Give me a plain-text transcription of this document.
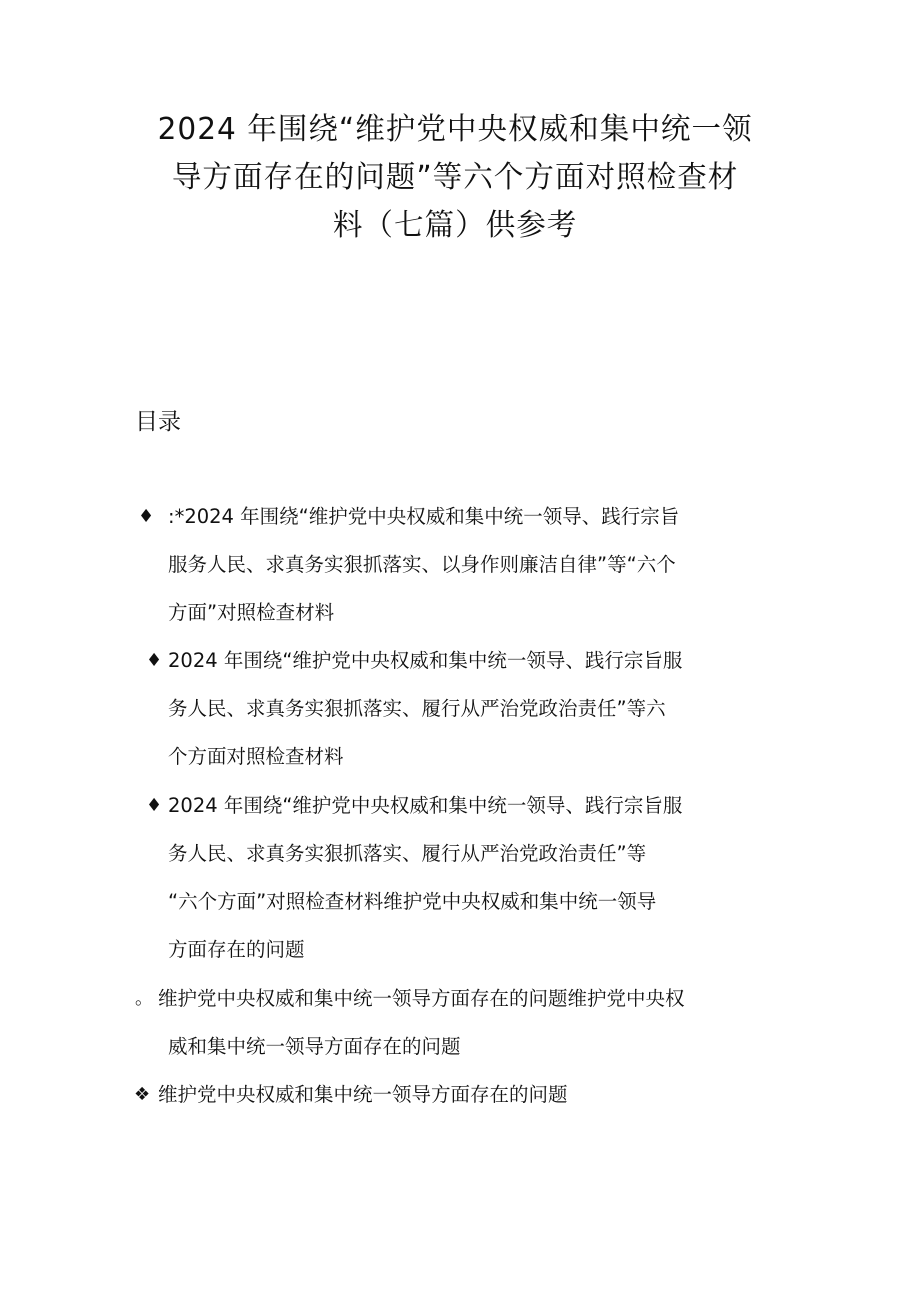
2024 年围绕“维护党中央权威和集中统一领
导方面存在的问题”等六个方面对照检查材
料（七篇）供参考
目录
♦ :*2024 年围绕“维护党中央权威和集中统一领导、践行宗旨
服务人民、求真务实狠抓落实、以身作则廉洁自律”等“六个
方面”对照检查材料
♦ 2024 年围绕“维护党中央权威和集中统一领导、践行宗旨服
务人民、求真务实狠抓落实、履行从严治党政治责任”等六
个方面对照检查材料
♦ 2024 年围绕“维护党中央权威和集中统一领导、践行宗旨服
务人民、求真务实狠抓落实、履行从严治党政治责任”等
“六个方面”对照检查材料维护党中央权威和集中统一领导
方面存在的问题
。 维护党中央权威和集中统一领导方面存在的问题维护党中央权
威和集中统一领导方面存在的问题
❖ 维护党中央权威和集中统一领导方面存在的问题
